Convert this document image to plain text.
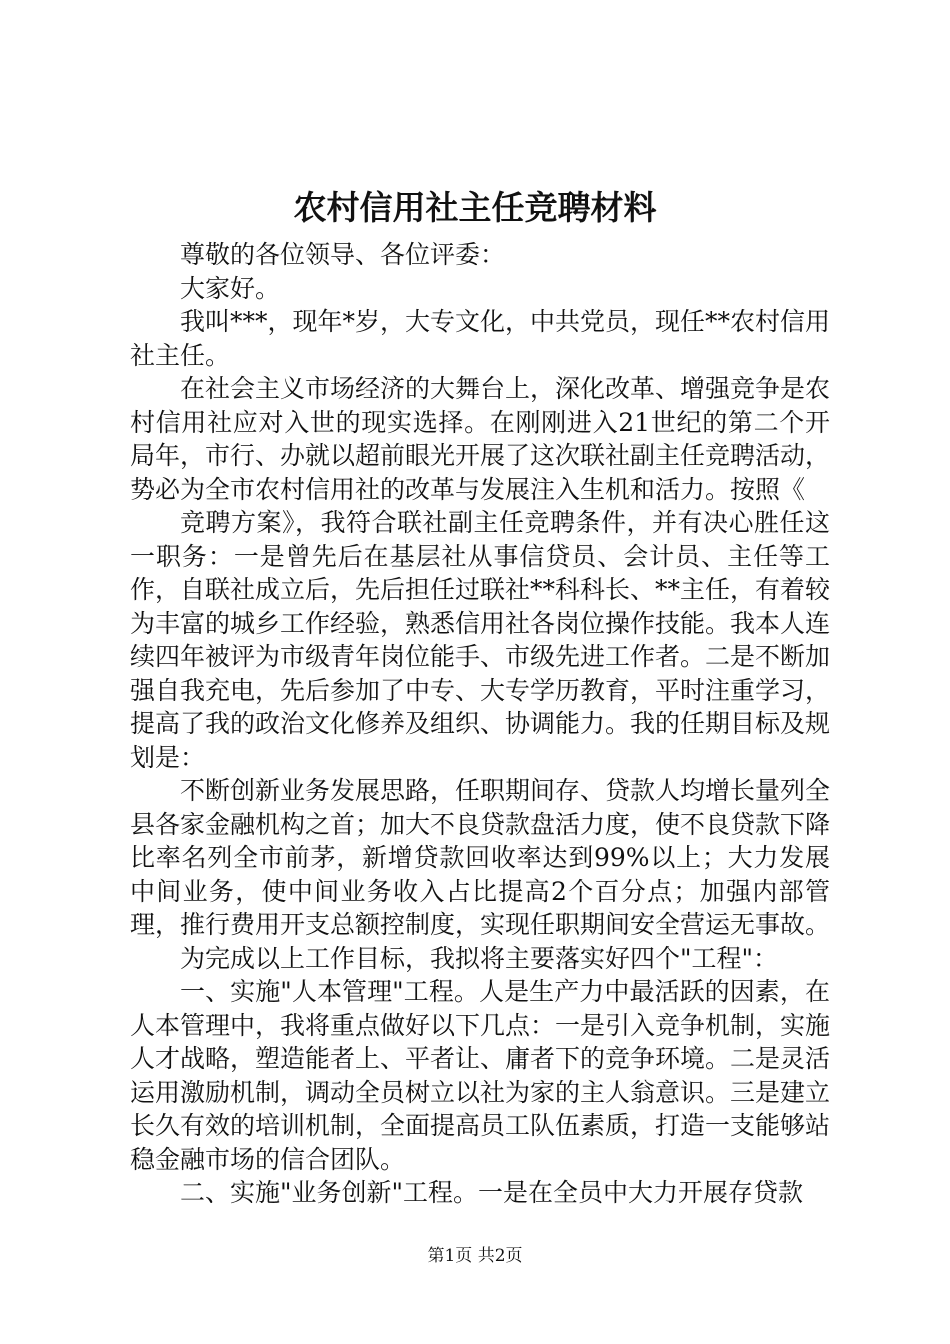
农村信用社主任竞聘材料

尊敬的各位领导、各位评委：

大家好。

我叫***，现年*岁，大专文化，中共党员，现任**农村信用社主任。

在社会主义市场经济的大舞台上，深化改革、增强竞争是农村信用社应对入世的现实选择。在刚刚进入21世纪的第二个开局年，市行、办就以超前眼光开展了这次联社副主任竞聘活动，势必为全市农村信用社的改革与发展注入生机和活力。按照《

竞聘方案》，我符合联社副主任竞聘条件，并有决心胜任这一职务：一是曾先后在基层社从事信贷员、会计员、主任等工作，自联社成立后，先后担任过联社**科科长、**主任，有着较为丰富的城乡工作经验，熟悉信用社各岗位操作技能。我本人连续四年被评为市级青年岗位能手、市级先进工作者。二是不断加强自我充电，先后参加了中专、大专学历教育，平时注重学习，提高了我的政治文化修养及组织、协调能力。我的任期目标及规划是：

不断创新业务发展思路，任职期间存、贷款人均增长量列全县各家金融机构之首；加大不良贷款盘活力度，使不良贷款下降比率名列全市前茅，新增贷款回收率达到99%以上；大力发展中间业务，使中间业务收入占比提高2个百分点；加强内部管理，推行费用开支总额控制度，实现任职期间安全营运无事故。

为完成以上工作目标，我拟将主要落实好四个"工程"：

一、实施"人本管理"工程。人是生产力中最活跃的因素，在人本管理中，我将重点做好以下几点：一是引入竞争机制，实施人才战略，塑造能者上、平者让、庸者下的竞争环境。二是灵活运用激励机制，调动全员树立以社为家的主人翁意识。三是建立长久有效的培训机制，全面提高员工队伍素质，打造一支能够站稳金融市场的信合团队。

二、实施"业务创新"工程。一是在全员中大力开展存贷款

第1页 共2页
